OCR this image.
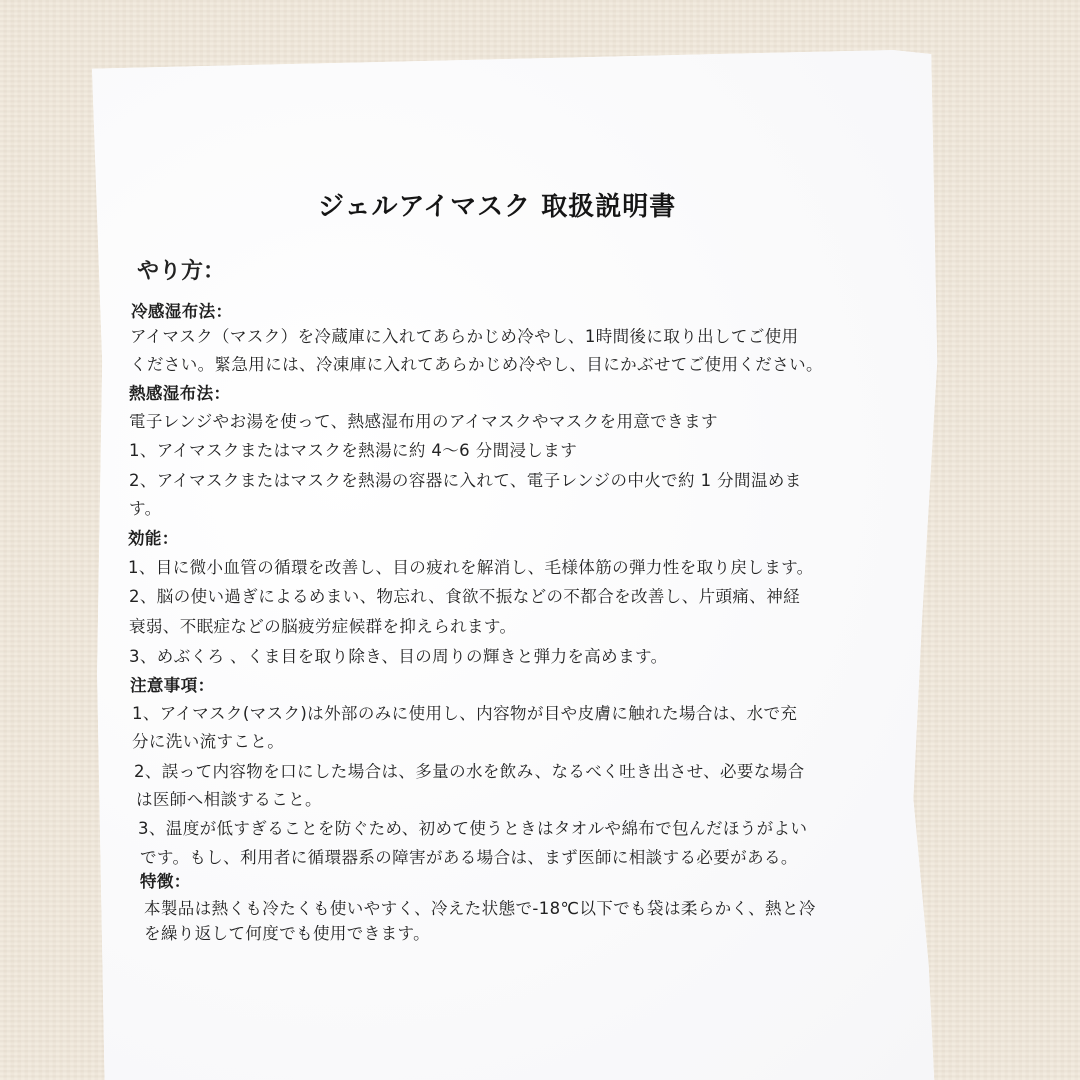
ジェルアイマスク 取扱説明書
やり方：
冷感湿布法：
アイマスク（マスク）を冷蔵庫に入れてあらかじめ冷やし、1時間後に取り出してご使用
ください。緊急用には、冷凍庫に入れてあらかじめ冷やし、目にかぶせてご使用ください。
熱感湿布法：
電子レンジやお湯を使って、熱感湿布用のアイマスクやマスクを用意できます
1、アイマスクまたはマスクを熱湯に約 4〜6 分間浸します
2、アイマスクまたはマスクを熱湯の容器に入れて、電子レンジの中火で約 1 分間温めま
す。
効能：
1、目に微小血管の循環を改善し、目の疲れを解消し、毛様体筋の弾力性を取り戻します。
2、脳の使い過ぎによるめまい、物忘れ、食欲不振などの不都合を改善し、片頭痛、神経
衰弱、不眠症などの脳疲労症候群を抑えられます。
3、めぶくろ 、くま目を取り除き、目の周りの輝きと弾力を高めます。
注意事項：
1、アイマスク(マスク)は外部のみに使用し、内容物が目や皮膚に触れた場合は、水で充
分に洗い流すこと。
2、誤って内容物を口にした場合は、多量の水を飲み、なるべく吐き出させ、必要な場合
は医師へ相談すること。
3、温度が低すぎることを防ぐため、初めて使うときはタオルや綿布で包んだほうがよい
です。もし、利用者に循環器系の障害がある場合は、まず医師に相談する必要がある。
特徴：
本製品は熱くも冷たくも使いやすく、冷えた状態で-18℃以下でも袋は柔らかく、熱と冷
を繰り返して何度でも使用できます。
